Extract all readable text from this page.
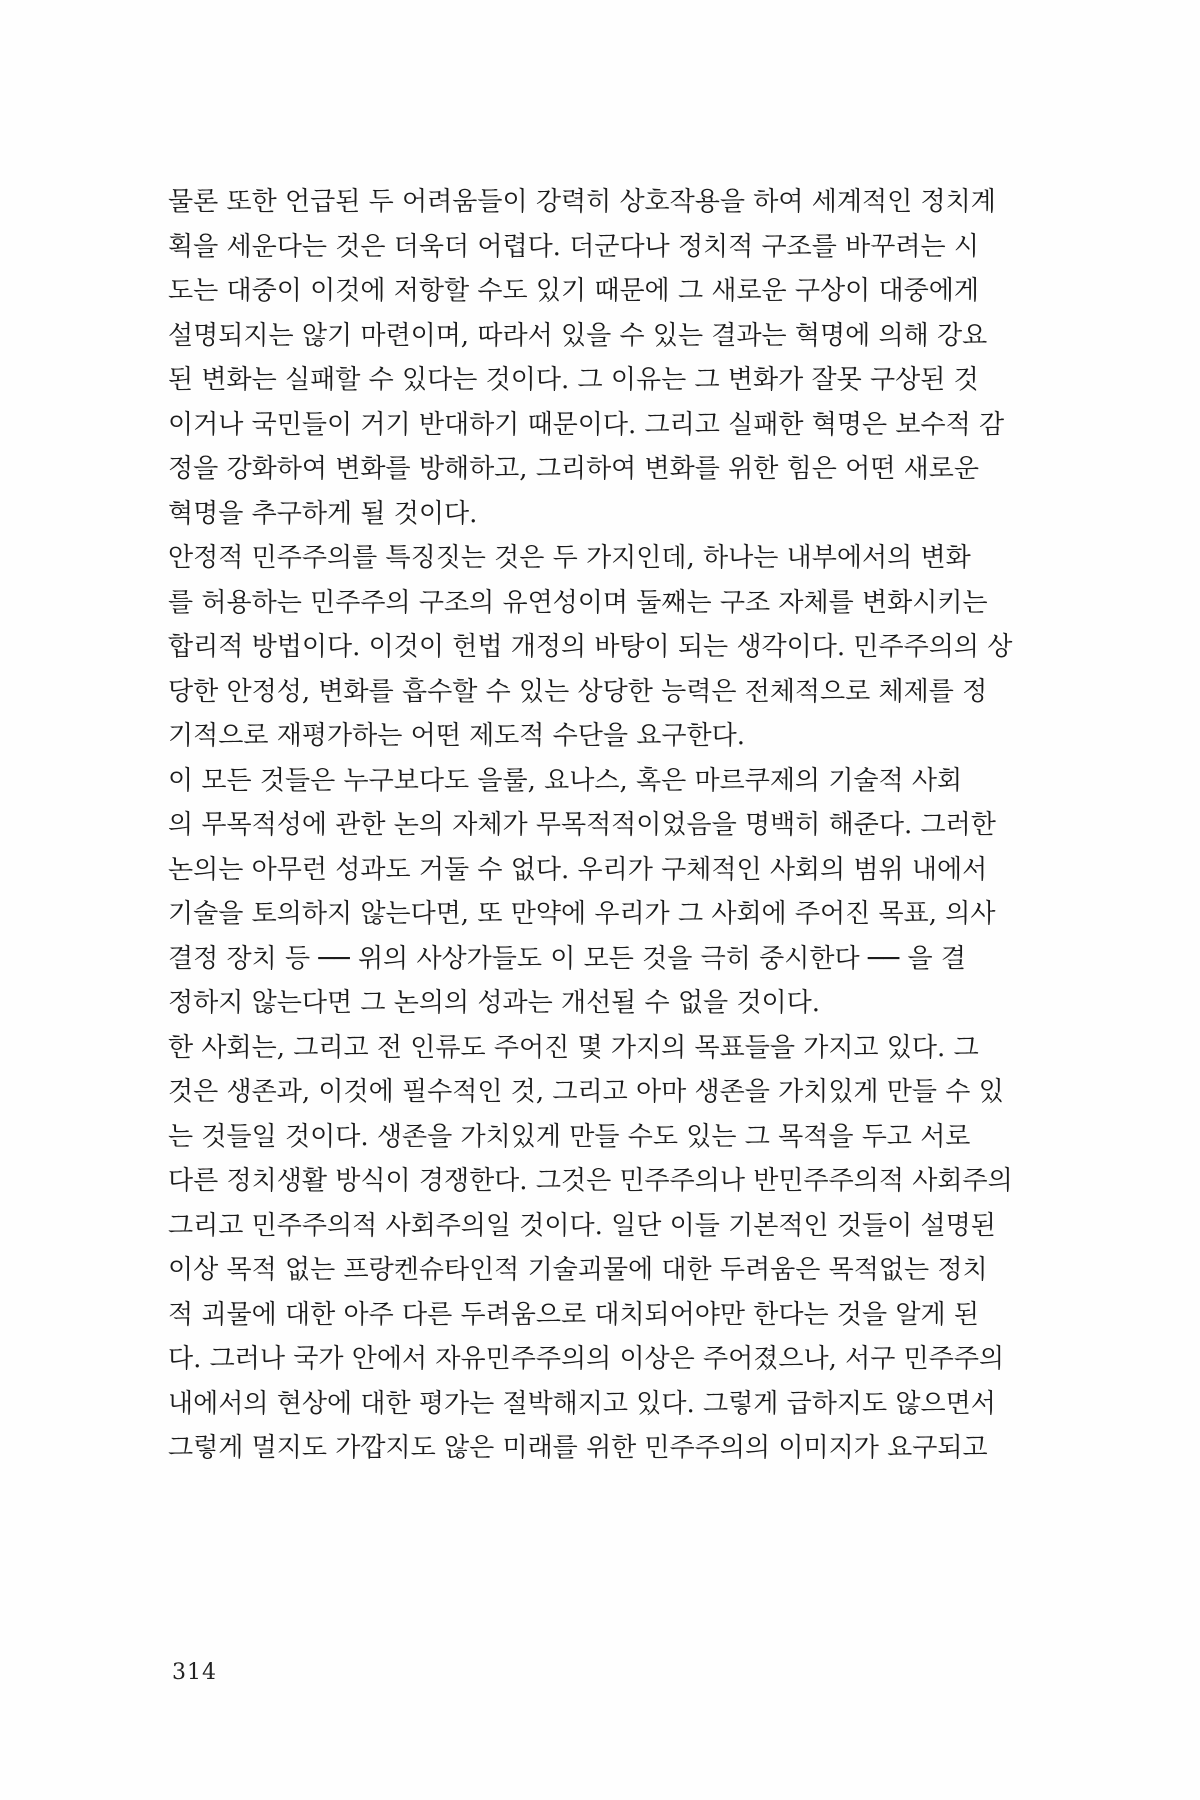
물론 또한 언급된 두 어려움들이 강력히 상호작용을 하여 세계적인 정치계
획을 세운다는 것은 더욱더 어렵다. 더군다나 정치적 구조를 바꾸려는 시
도는 대중이 이것에 저항할 수도 있기 때문에 그 새로운 구상이 대중에게
설명되지는 않기 마련이며, 따라서 있을 수 있는 결과는 혁명에 의해 강요
된 변화는 실패할 수 있다는 것이다. 그 이유는 그 변화가 잘못 구상된 것
이거나 국민들이 거기 반대하기 때문이다. 그리고 실패한 혁명은 보수적 감
정을 강화하여 변화를 방해하고, 그리하여 변화를 위한 힘은 어떤 새로운
혁명을 추구하게 될 것이다.
안정적 민주주의를 특징짓는 것은 두 가지인데, 하나는 내부에서의 변화
를 허용하는 민주주의 구조의 유연성이며 둘째는 구조 자체를 변화시키는
합리적 방법이다. 이것이 헌법 개정의 바탕이 되는 생각이다. 민주주의의 상
당한 안정성, 변화를 흡수할 수 있는 상당한 능력은 전체적으로 체제를 정
기적으로 재평가하는 어떤 제도적 수단을 요구한다.
이 모든 것들은 누구보다도 을룰, 요나스, 혹은 마르쿠제의 기술적 사회
의 무목적성에 관한 논의 자체가 무목적적이었음을 명백히 해준다. 그러한
논의는 아무런 성과도 거둘 수 없다. 우리가 구체적인 사회의 범위 내에서
기술을 토의하지 않는다면, 또 만약에 우리가 그 사회에 주어진 목표, 의사
결정 장치 등 ── 위의 사상가들도 이 모든 것을 극히 중시한다 ── 을 결
정하지 않는다면 그 논의의 성과는 개선될 수 없을 것이다.
한 사회는, 그리고 전 인류도 주어진 몇 가지의 목표들을 가지고 있다. 그
것은 생존과, 이것에 필수적인 것, 그리고 아마 생존을 가치있게 만들 수 있
는 것들일 것이다. 생존을 가치있게 만들 수도 있는 그 목적을 두고 서로
다른 정치생활 방식이 경쟁한다. 그것은 민주주의나 반민주주의적 사회주의
그리고 민주주의적 사회주의일 것이다. 일단 이들 기본적인 것들이 설명된
이상 목적 없는 프랑켄슈타인적 기술괴물에 대한 두려움은 목적없는 정치
적 괴물에 대한 아주 다른 두려움으로 대치되어야만 한다는 것을 알게 된
다. 그러나 국가 안에서 자유민주주의의 이상은 주어졌으나, 서구 민주주의
내에서의 현상에 대한 평가는 절박해지고 있다. 그렇게 급하지도 않으면서
그렇게 멀지도 가깝지도 않은 미래를 위한 민주주의의 이미지가 요구되고
314
